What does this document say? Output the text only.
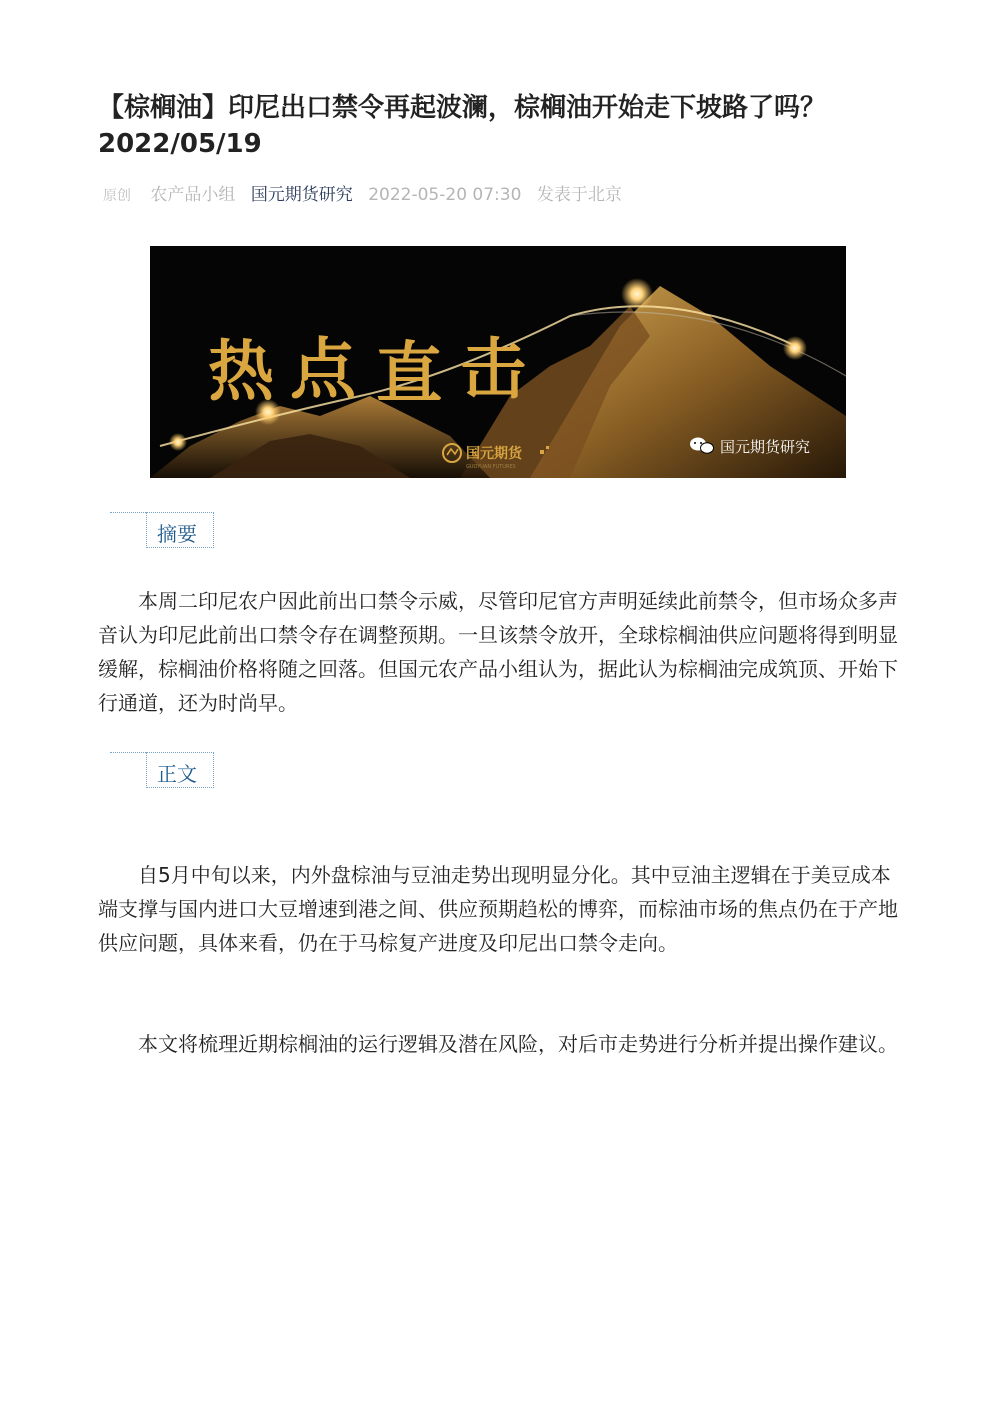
【棕榈油】印尼出口禁令再起波澜，棕榈油开始走下坡路了吗？
2022/05/19
原创 农产品小组 国元期货研究 2022-05-20 07:30 发表于北京
热 点 直 击
国元期货
GUOYUAN FUTURES
国元期货研究
摘要

本周二印尼农户因此前出口禁令示威，尽管印尼官方声明延续此前禁令，但市场众多声音认为印尼此前出口禁令存在调整预期。一旦该禁令放开，全球棕榈油供应问题将得到明显缓解，棕榈油价格将随之回落。但国元农产品小组认为，据此认为棕榈油完成筑顶、开始下行通道，还为时尚早。

正文

自5月中旬以来，内外盘棕油与豆油走势出现明显分化。其中豆油主逻辑在于美豆成本端支撑与国内进口大豆增速到港之间、供应预期趋松的博弈，而棕油市场的焦点仍在于产地供应问题，具体来看，仍在于马棕复产进度及印尼出口禁令走向。

本文将梳理近期棕榈油的运行逻辑及潜在风险，对后市走势进行分析并提出操作建议。
